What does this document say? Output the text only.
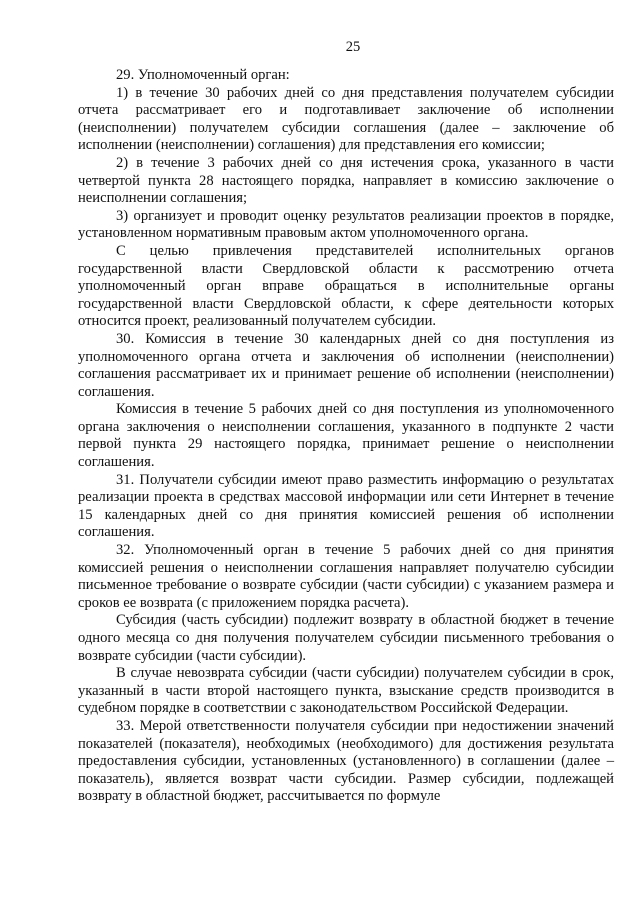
25

29. Уполномоченный орган:

1) в течение 30 рабочих дней со дня представления получателем субсидии отчета рассматривает его и подготавливает заключение об исполнении (неисполнении) получателем субсидии соглашения (далее – заключение об исполнении (неисполнении) соглашения) для представления его комиссии;

2) в течение 3 рабочих дней со дня истечения срока, указанного в части четвертой пункта 28 настоящего порядка, направляет в комиссию заключение о неисполнении соглашения;

3) организует и проводит оценку результатов реализации проектов в порядке, установленном нормативным правовым актом уполномоченного органа.

С целью привлечения представителей исполнительных органов государственной власти Свердловской области к рассмотрению отчета уполномоченный орган вправе обращаться в исполнительные органы государственной власти Свердловской области, к сфере деятельности которых относится проект, реализованный получателем субсидии.

30. Комиссия в течение 30 календарных дней со дня поступления из уполномоченного органа отчета и заключения об исполнении (неисполнении) соглашения рассматривает их и принимает решение об исполнении (неисполнении) соглашения.

Комиссия в течение 5 рабочих дней со дня поступления из уполномоченного органа заключения о неисполнении соглашения, указанного в подпункте 2 части первой пункта 29 настоящего порядка, принимает решение о неисполнении соглашения.

31. Получатели субсидии имеют право разместить информацию о результатах реализации проекта в средствах массовой информации или сети Интернет в течение 15 календарных дней со дня принятия комиссией решения об исполнении соглашения.

32. Уполномоченный орган в течение 5 рабочих дней со дня принятия комиссией решения о неисполнении соглашения направляет получателю субсидии письменное требование о возврате субсидии (части субсидии) с указанием размера и сроков ее возврата (с приложением порядка расчета).

Субсидия (часть субсидии) подлежит возврату в областной бюджет в течение одного месяца со дня получения получателем субсидии письменного требования о возврате субсидии (части субсидии).

В случае невозврата субсидии (части субсидии) получателем субсидии в срок, указанный в части второй настоящего пункта, взыскание средств производится в судебном порядке в соответствии с законодательством Российской Федерации.

33. Мерой ответственности получателя субсидии при недостижении значений показателей (показателя), необходимых (необходимого) для достижения результата предоставления субсидии, установленных (установленного) в соглашении (далее – показатель), является возврат части субсидии. Размер субсидии, подлежащей возврату в областной бюджет, рассчитывается по формуле
